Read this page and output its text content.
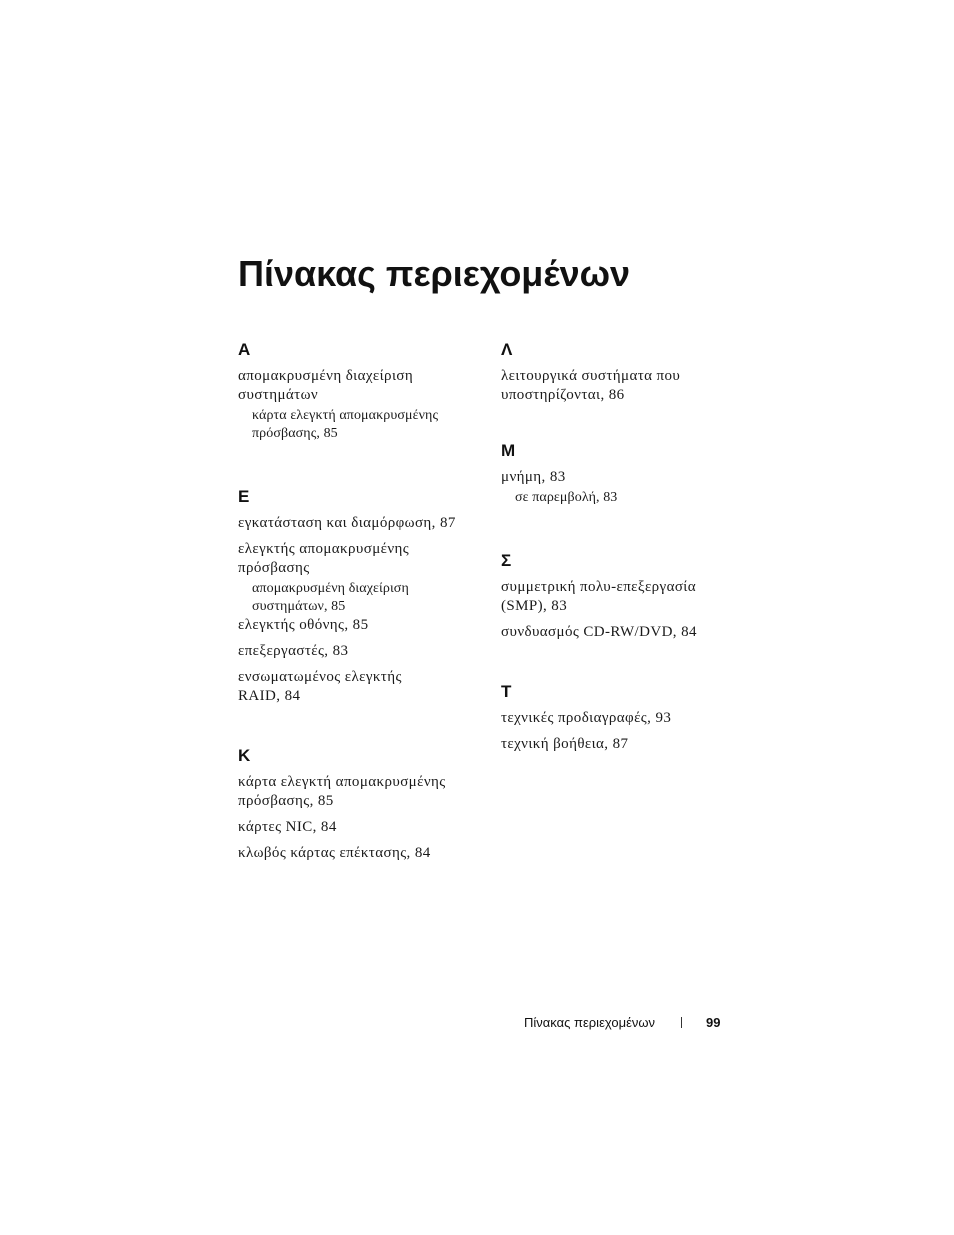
Πίνακας περιεχομένων
Α
απομακρυσμένη διαχείριση
συστημάτων
κάρτα ελεγκτή απομακρυσμένης
πρόσβασης, 85
Ε
εγκατάσταση και διαμόρφωση, 87
ελεγκτής απομακρυσμένης
πρόσβασης
απομακρυσμένη διαχείριση
συστημάτων, 85
ελεγκτής οθόνης, 85
επεξεργαστές, 83
ενσωματωμένος ελεγκτής
RAID, 84
Κ
κάρτα ελεγκτή απομακρυσμένης
πρόσβασης, 85
κάρτες NIC, 84
κλωβός κάρτας επέκτασης, 84
Λ
λειτουργικά συστήματα που
υποστηρίζονται, 86
Μ
μνήμη, 83
σε παρεμβολή, 83
Σ
συμμετρική πολυ-επεξεργασία
(SMP), 83
συνδυασμός CD-RW/DVD, 84
Τ
τεχνικές προδιαγραφές, 93
τεχνική βοήθεια, 87
Πίνακας περιεχομένων	99
